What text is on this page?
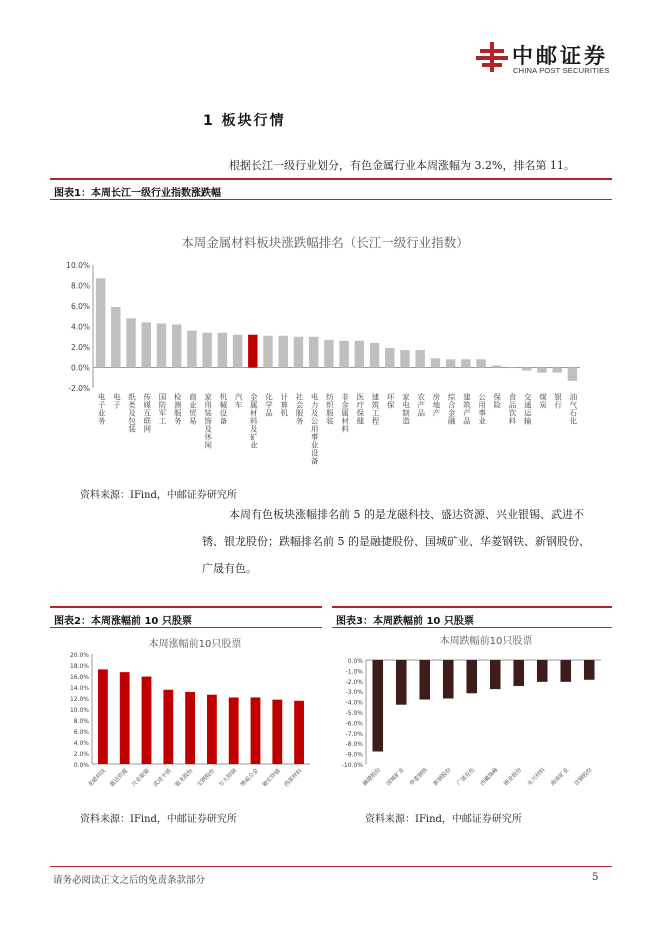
中邮证券
CHINA POST SECURITIES
1 板块行情
根据长江一级行业划分，有色金属行业本周涨幅为 3.2%，排名第 11。
图表1：本周长江一级行业指数涨跌幅
本周金属材料板块涨跌幅排名（长江一级行业指数）
10.0%
8.0%
6.0%
4.0%
2.0%
0.0%
-2.0%
电子业务
电子
纸类及包装
传媒互联网
国防军工
检测服务
商业贸易
家用装饰及休闲
机械设备
汽车
金属材料及矿业
化学品
计算机
社会服务
电力及公用事业设备
纺织服装
非金属材料
医疗保健
建筑工程
环保
家电制造
农产品
房地产
综合金融
建筑产品
公用事业
保险
食品饮料
交通运输
煤炭
银行
油气石化
资料来源：IFind，中邮证券研究所
本周有色板块涨幅排名前 5 的是龙磁科技、盛达资源、兴业银锡、武进不
锈、银龙股份；跌幅排名前 5 的是融捷股份、国城矿业、华菱钢铁、新钢股份、
广晟有色。
图表2：本周涨幅前 10 只股票	图表3：本周跌幅前 10 只股票
本周涨幅前10只股票
20.0%
18.0%
16.0%
14.0%
12.0%
10.0%
8.0%
6.0%
4.0%
2.0%
0.0%
龙磁科技 盛达资源 兴业银锡 武进不锈 银龙股份 宝钢股份 方大特钢 博威合金 驰宏锌锗 西部材料
本周跌幅前10只股票
0.0%
-1.0%
-2.0%
-3.0%
-4.0%
-5.0%
-6.0%
-7.0%
-8.0%
-9.0%
-10.0%
融捷股份 国城矿业 华菱钢铁 新钢股份 广晟有色 西藏珠峰 锡业股份 永兴材料 海南矿业 首钢股份
资料来源：IFind，中邮证券研究所	资料来源：IFind，中邮证券研究所
请务必阅读正文之后的免责条款部分	5
